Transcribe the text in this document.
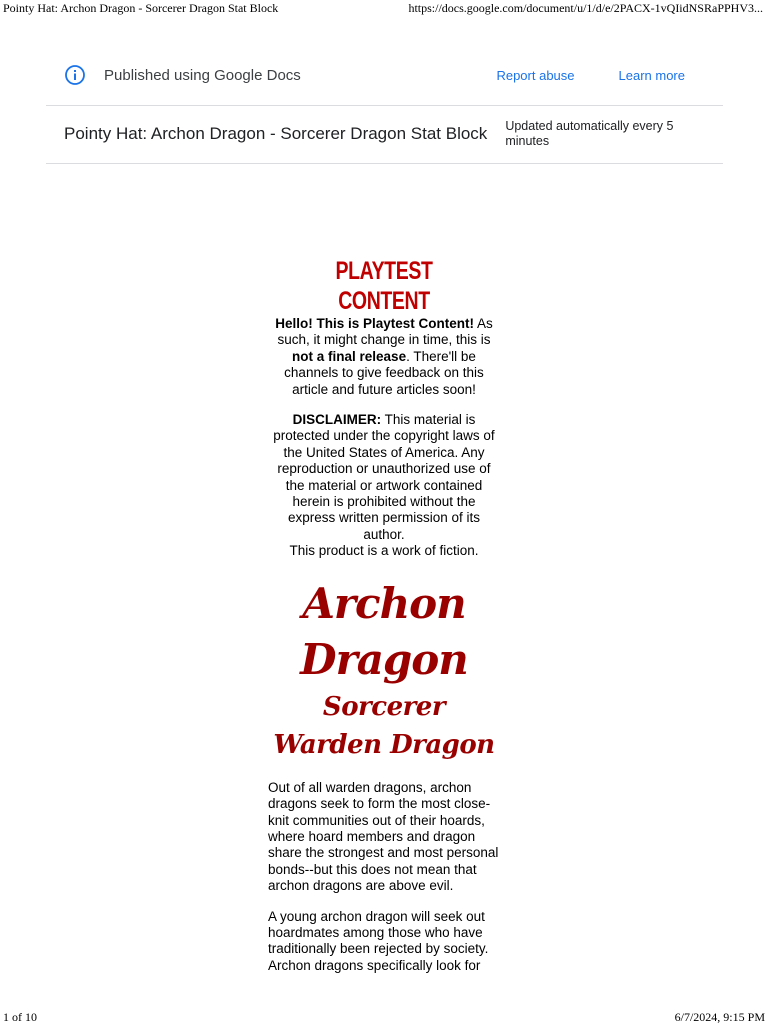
Pointy Hat: Archon Dragon - Sorcerer Dragon Stat Block	https://docs.google.com/document/u/1/d/e/2PACX-1vQIidNSRaPPHV3...
Published using Google Docs	Report abuse	Learn more
Pointy Hat: Archon Dragon - Sorcerer Dragon Stat Block Updated automatically every 5 minutes
PLAYTEST CONTENT

Hello! This is Playtest Content! As such, it might change in time, this is not a final release. There'll be channels to give feedback on this article and future articles soon!

DISCLAIMER: This material is protected under the copyright laws of the United States of America. Any reproduction or unauthorized use of the material or artwork contained herein is prohibited without the express written permission of its author.

This product is a work of fiction.

Archon Dragon
Sorcerer Warden Dragon

Out of all warden dragons, archon dragons seek to form the most close-knit communities out of their hoards, where hoard members and dragon share the strongest and most personal bonds--but this does not mean that archon dragons are above evil.

A young archon dragon will seek out hoardmates among those who have traditionally been rejected by society. Archon dragons specifically look for

1 of 10	6/7/2024, 9:15 PM
